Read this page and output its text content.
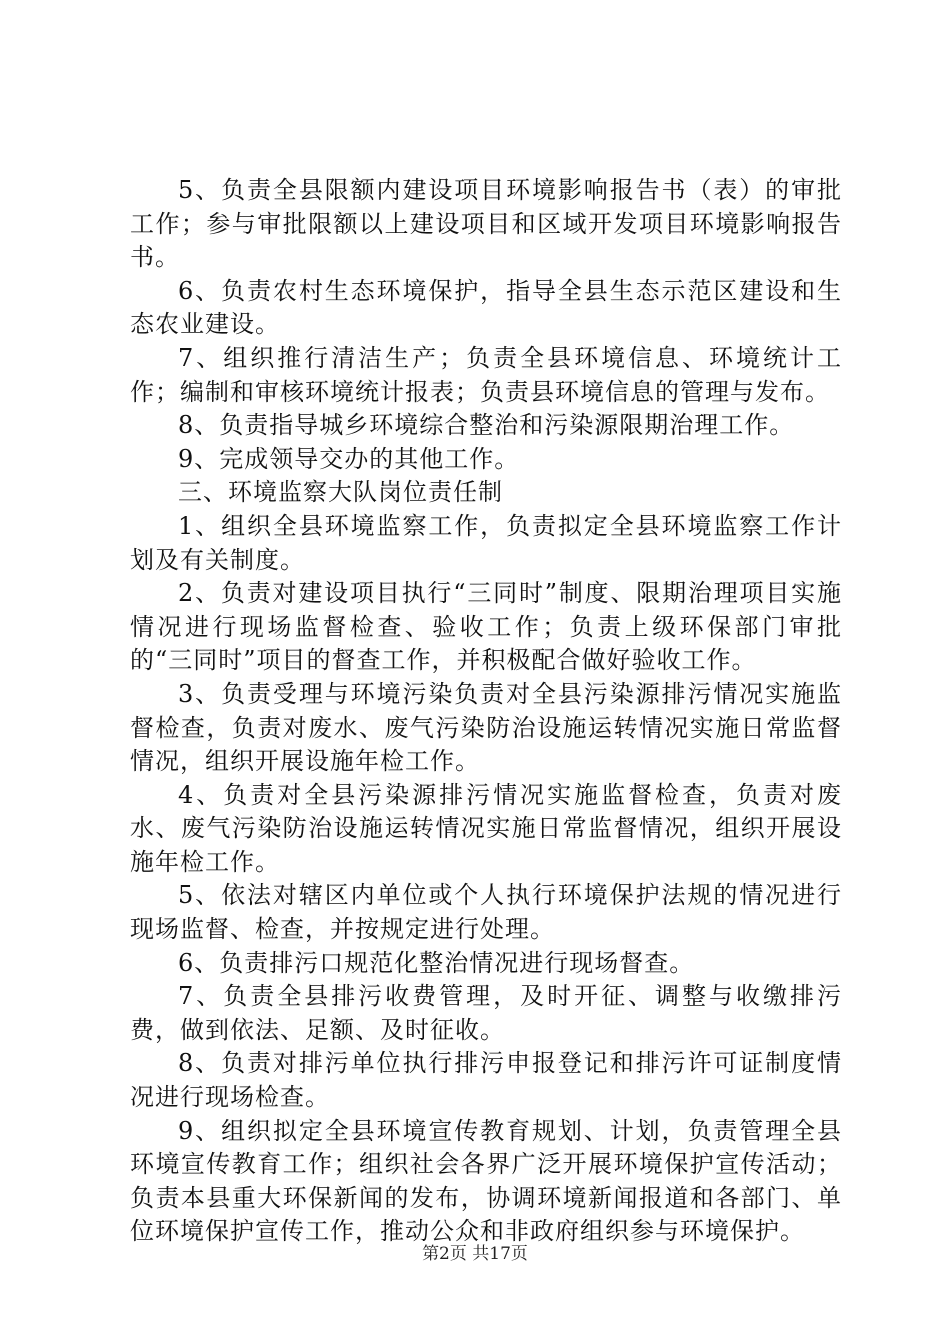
5、负责全县限额内建设项目环境影响报告书（表）的审批工作；参与审批限额以上建设项目和区域开发项目环境影响报告书。

6、负责农村生态环境保护，指导全县生态示范区建设和生态农业建设。

7、组织推行清洁生产；负责全县环境信息、环境统计工作；编制和审核环境统计报表；负责县环境信息的管理与发布。

8、负责指导城乡环境综合整治和污染源限期治理工作。

9、完成领导交办的其他工作。

三、环境监察大队岗位责任制

1、组织全县环境监察工作，负责拟定全县环境监察工作计划及有关制度。

2、负责对建设项目执行“三同时”制度、限期治理项目实施情况进行现场监督检查、验收工作；负责上级环保部门审批的“三同时”项目的督查工作，并积极配合做好验收工作。

3、负责受理与环境污染负责对全县污染源排污情况实施监督检查，负责对废水、废气污染防治设施运转情况实施日常监督情况，组织开展设施年检工作。

4、负责对全县污染源排污情况实施监督检查，负责对废水、废气污染防治设施运转情况实施日常监督情况，组织开展设施年检工作。

5、依法对辖区内单位或个人执行环境保护法规的情况进行现场监督、检查，并按规定进行处理。

6、负责排污口规范化整治情况进行现场督查。

7、负责全县排污收费管理，及时开征、调整与收缴排污费，做到依法、足额、及时征收。

8、负责对排污单位执行排污申报登记和排污许可证制度情况进行现场检查。

9、组织拟定全县环境宣传教育规划、计划，负责管理全县环境宣传教育工作；组织社会各界广泛开展环境保护宣传活动；负责本县重大环保新闻的发布，协调环境新闻报道和各部门、单位环境保护宣传工作，推动公众和非政府组织参与环境保护。

第2页 共17页
